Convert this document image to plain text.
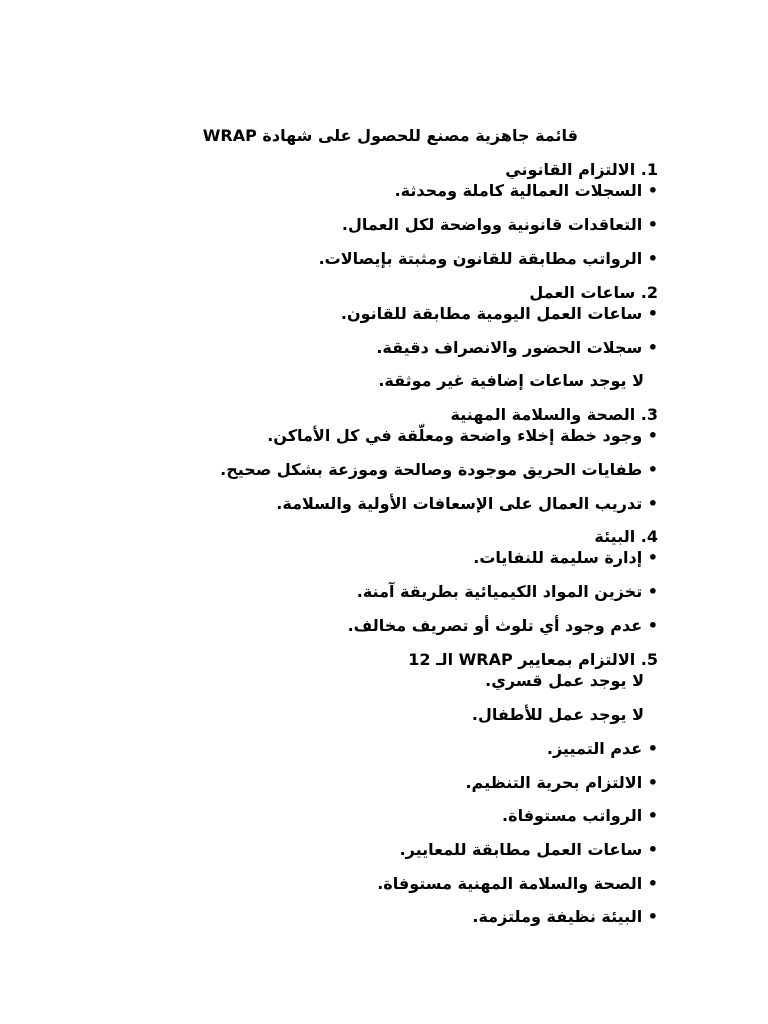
قائمة جاهزية مصنع للحصول على شهادة WRAP
1. الالتزام القانوني
• السجلات العمالية كاملة ومحدثة.
• التعاقدات قانونية وواضحة لكل العمال.
• الرواتب مطابقة للقانون ومثبتة بإيصالات.
2. ساعات العمل
• ساعات العمل اليومية مطابقة للقانون.
• سجلات الحضور والانصراف دقيقة.
لا يوجد ساعات إضافية غير موثقة.
3. الصحة والسلامة المهنية
• وجود خطة إخلاء واضحة ومعلّقة في كل الأماكن.
• طفايات الحريق موجودة وصالحة وموزعة بشكل صحيح.
• تدريب العمال على الإسعافات الأولية والسلامة.
4. البيئة
• إدارة سليمة للنفايات.
• تخزين المواد الكيميائية بطريقة آمنة.
• عدم وجود أي تلوث أو تصريف مخالف.
5. الالتزام بمعايير WRAP الـ 12
لا يوجد عمل قسري.
لا يوجد عمل للأطفال.
• عدم التمييز.
• الالتزام بحرية التنظيم.
• الرواتب مستوفاة.
• ساعات العمل مطابقة للمعايير.
• الصحة والسلامة المهنية مستوفاة.
• البيئة نظيفة وملتزمة.
